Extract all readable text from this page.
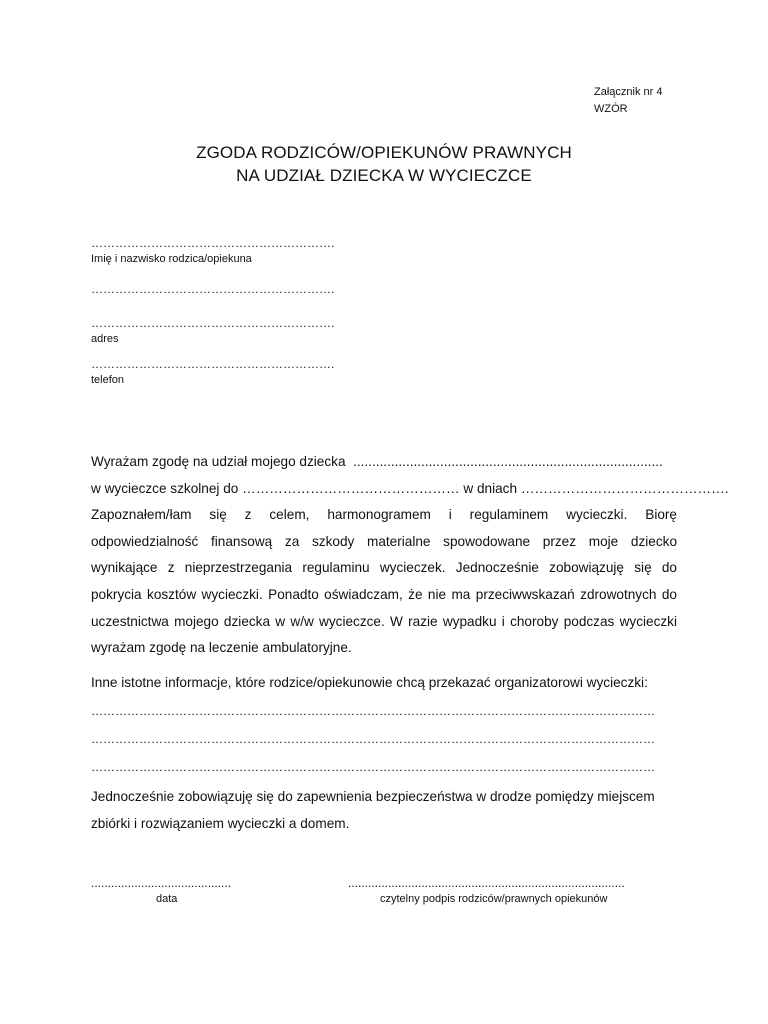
Załącznik nr 4
WZÓR
ZGODA RODZICÓW/OPIEKUNÓW PRAWNYCH
NA UDZIAŁ DZIECKA W WYCIECZCE
…………………………………………………….
Imię i nazwisko rodzica/opiekuna
…………………………………………………….
…………………………………………………….
adres
…………………………………………………….
telefon
Wyrażam zgodę na udział mojego dziecka ..................................................................................
w wycieczce szkolnej do ………………………………………… w dniach ……………………………………….
Zapoznałem/łam się z celem, harmonogramem i regulaminem wycieczki. Biorę
odpowiedzialność finansową za szkody materialne spowodowane przez moje dziecko
wynikające z nieprzestrzegania regulaminu wycieczek. Jednocześnie zobowiązuję się do
pokrycia kosztów wycieczki. Ponadto oświadczam, że nie ma przeciwwskazań zdrowotnych do
uczestnictwa mojego dziecka w w/w wycieczce. W razie wypadku i choroby podczas wycieczki
wyrażam zgodę na leczenie ambulatoryjne.
Inne istotne informacje, które rodzice/opiekunowie chcą przekazać organizatorowi wycieczki:
……………………………………………………………………………………………………………………………
……………………………………………………………………………………………………………………………
……………………………………………………………………………………………………………………………
Jednocześnie zobowiązuję się do zapewnienia bezpieczeństwa w drodze pomiędzy miejscem
zbiórki i rozwiązaniem wycieczki a domem.
..........................................
data
...................................................................................
czytelny podpis rodziców/prawnych opiekunów
